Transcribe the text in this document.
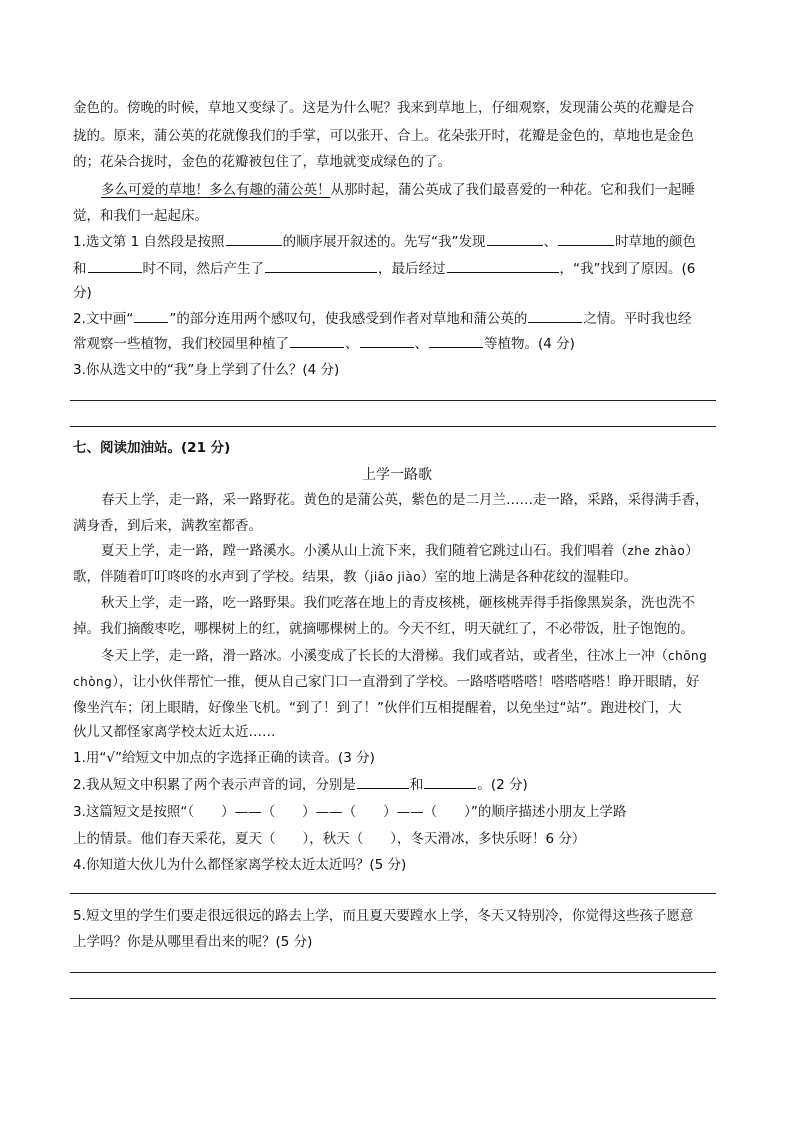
金色的。傍晚的时候，草地又变绿了。这是为什么呢？我来到草地上，仔细观察，发现蒲公英的花瓣是合
拢的。原来，蒲公英的花就像我们的手掌，可以张开、合上。花朵张开时，花瓣是金色的，草地也是金色
的；花朵合拢时，金色的花瓣被包住了，草地就变成绿色的了。
多么可爱的草地！多么有趣的蒲公英！从那时起，蒲公英成了我们最喜爱的一种花。它和我们一起睡
觉，和我们一起起床。
1.选文第 1 自然段是按照	的顺序展开叙述的。先写“我”发现	、	时草地的颜色
和	时不同，然后产生了	，最后经过	，“我”找到了原因。(6
分)
2.文中画“	”的部分连用两个感叹句，使我感受到作者对草地和蒲公英的	之情。平时我也经
常观察一些植物，我们校园里种植了	、	、	等植物。(4 分)
3.你从选文中的“我”身上学到了什么？(4 分)
七、阅读加油站。(21 分)
上学一路歌
春天上学，走一路，采一路野花。黄色的是蒲公英，紫色的是二月兰……走一路，采路，采得满手香，
满身香，到后来，满教室都香。
夏天上学，走一路，蹚一路溪水。小溪从山上流下来，我们随着它跳过山石。我们唱着（zhe zhào）
歌，伴随着叮叮咚咚的水声到了学校。结果，教（jiāo jiào）室的地上满是各种花纹的湿鞋印。
秋天上学，走一路，吃一路野果。我们吃落在地上的青皮核桃，砸核桃弄得手指像黑炭条，洗也洗不
掉。我们摘酸枣吃，哪棵树上的红，就摘哪棵树上的。今天不红，明天就红了，不必带饭，肚子饱饱的。
冬天上学，走一路，滑一路冰。小溪变成了长长的大滑梯。我们或者站，或者坐，往冰上一冲（chōng
chòng），让小伙伴帮忙一推，便从自己家门口一直滑到了学校。一路嗒嗒嗒嗒！嗒嗒嗒嗒！睁开眼睛，好
像坐汽车；闭上眼睛，好像坐飞机。“到了！到了！”伙伴们互相提醒着，以免坐过“站”。跑进校门，大
伙儿又都怪家离学校太近太近……
1.用“√”给短文中加点的字选择正确的读音。(3 分)
2.我从短文中积累了两个表示声音的词，分别是	和	。(2 分)
3.这篇短文是按照“（　　）——（　　）——（　　）——（　　）”的顺序描述小朋友上学路
上的情景。他们春天采花，夏天（　　），秋天（　　），冬天滑冰，多快乐呀！6 分）
4.你知道大伙儿为什么都怪家离学校太近太近吗？(5 分)
5.短文里的学生们要走很远很远的路去上学，而且夏天要蹚水上学，冬天又特别冷，你觉得这些孩子愿意
上学吗？你是从哪里看出来的呢？(5 分)
